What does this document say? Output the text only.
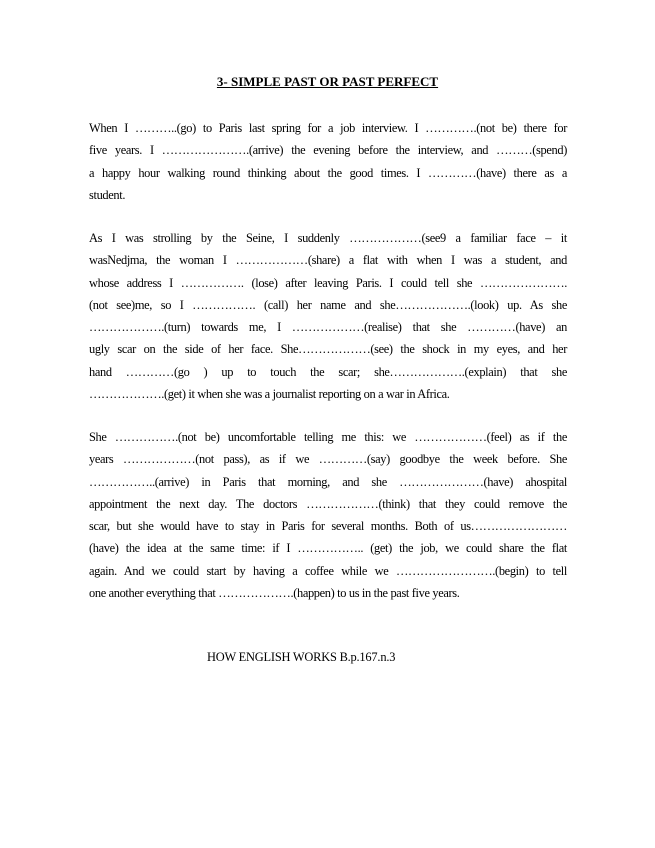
3- SIMPLE PAST OR PAST PERFECT
When I ………..(go) to Paris last spring for a job interview. I ………….(not be) there for
five years. I ………………….(arrive) the evening before the interview, and ………(spend)
a happy hour walking round thinking about the good times. I …………(have) there as a
student.
As I was strolling by the Seine, I suddenly ………………(see9 a familiar face – it
wasNedjma, the woman I ………………(share) a flat with when I was a student, and
whose address I ……………. (lose) after leaving Paris. I could tell she ………………….
(not see)me, so I ……………. (call) her name and she……………….(look) up. As she
……………….(turn) towards me, I ………………(realise) that she …………(have) an
ugly scar on the side of her face. She………………(see) the shock in my eyes, and her
hand …………(go ) up to touch the scar; she……………….(explain) that she
……………….(get) it when she was a journalist reporting on a war in Africa.
She …………….(not be) uncomfortable telling me this: we ………………(feel) as if the
years ………………(not pass), as if we …………(say) goodbye the week before. She
……………..(arrive) in Paris that morning, and she …………………(have) ahospital
appointment the next day. The doctors ………………(think) that they could remove the
scar, but she would have to stay in Paris for several months. Both of us……………………
(have) the idea at the same time: if I …………….. (get) the job, we could share the flat
again. And we could start by having a coffee while we …………………….(begin) to tell
one another everything that ……………….(happen) to us in the past five years.
HOW ENGLISH WORKS B.p.167.n.3
